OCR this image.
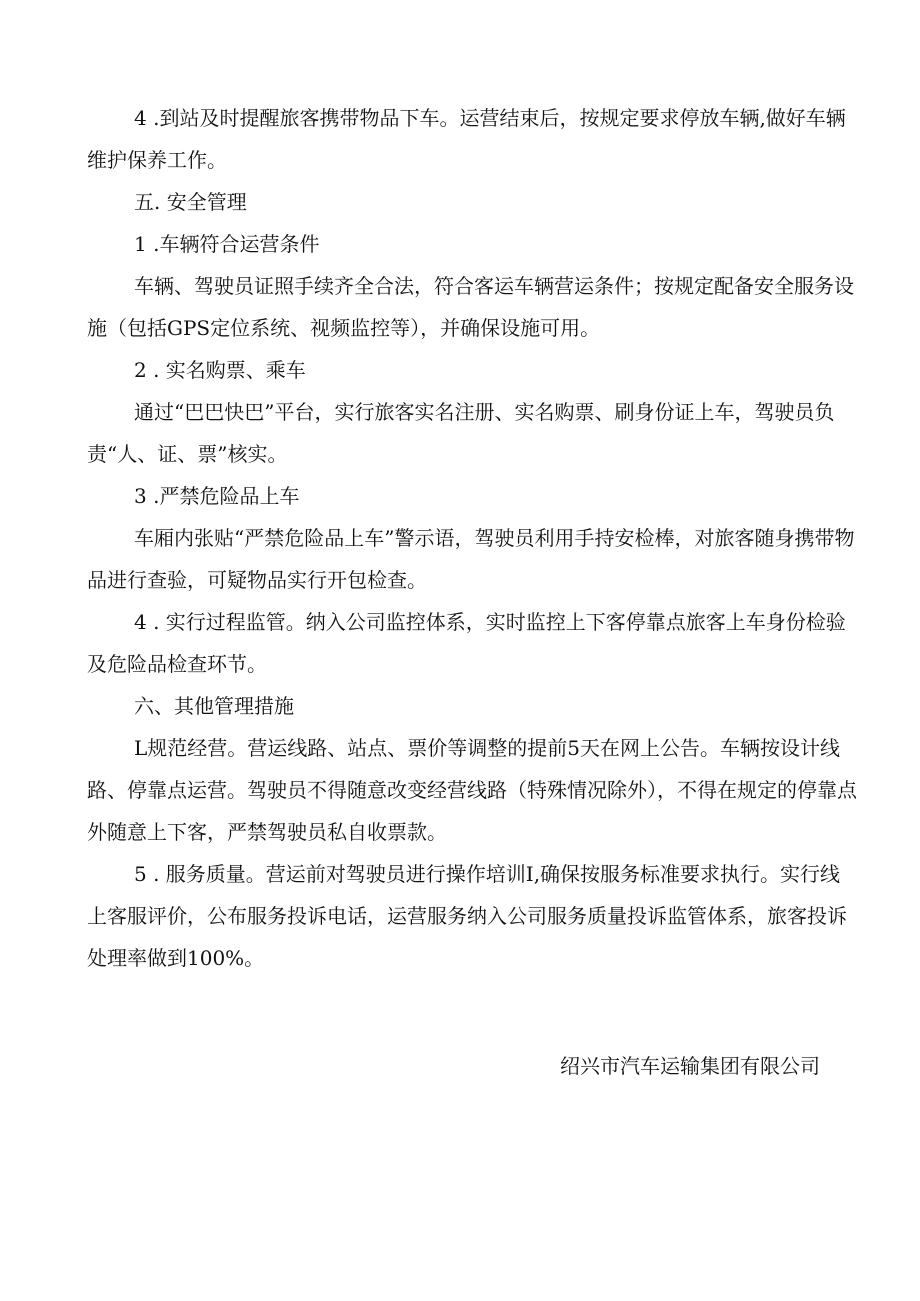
4 .到站及时提醒旅客携带物品下车。运营结束后，按规定要求停放车辆,做好车辆维护保养工作。

五. 安全管理

1 .车辆符合运营条件

车辆、驾驶员证照手续齐全合法，符合客运车辆营运条件；按规定配备安全服务设施（包括GPS定位系统、视频监控等），并确保设施可用。

2 . 实名购票、乘车

通过“巴巴快巴”平台，实行旅客实名注册、实名购票、刷身份证上车，驾驶员负责“人、证、票”核实。

3 .严禁危险品上车

车厢内张贴“严禁危险品上车”警示语，驾驶员利用手持安检棒，对旅客随身携带物品进行查验，可疑物品实行开包检查。

4 . 实行过程监管。纳入公司监控体系，实时监控上下客停靠点旅客上车身份检验及危险品检查环节。

六、其他管理措施

L规范经营。营运线路、站点、票价等调整的提前5天在网上公告。车辆按设计线路、停靠点运营。驾驶员不得随意改变经营线路（特殊情况除外），不得在规定的停靠点外随意上下客，严禁驾驶员私自收票款。

5 . 服务质量。营运前对驾驶员进行操作培训I,确保按服务标准要求执行。实行线上客服评价，公布服务投诉电话，运营服务纳入公司服务质量投诉监管体系，旅客投诉处理率做到100%。

绍兴市汽车运输集团有限公司
